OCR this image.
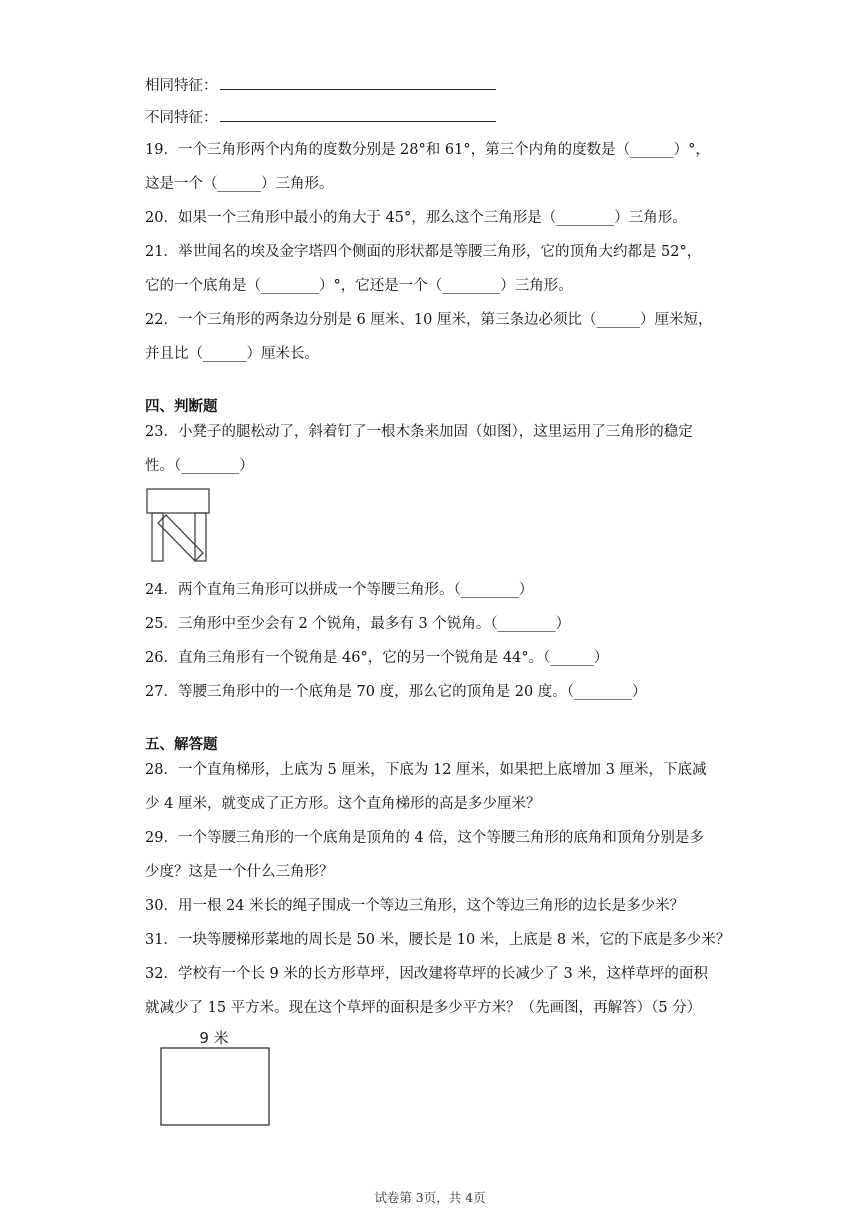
相同特征：
不同特征：
19．一个三角形两个内角的度数分别是 28°和 61°，第三个内角的度数是（______）°，
这是一个（______）三角形。
20．如果一个三角形中最小的角大于 45°，那么这个三角形是（________）三角形。
21．举世闻名的埃及金字塔四个侧面的形状都是等腰三角形，它的顶角大约都是 52°，
它的一个底角是（________）°，它还是一个（________）三角形。
22．一个三角形的两条边分别是 6 厘米、10 厘米，第三条边必须比（______）厘米短，
并且比（______）厘米长。
四、判断题
23．小凳子的腿松动了，斜着钉了一根木条来加固（如图），这里运用了三角形的稳定
性。（________）
24．两个直角三角形可以拼成一个等腰三角形。（________）
25．三角形中至少会有 2 个锐角，最多有 3 个锐角。（________）
26．直角三角形有一个锐角是 46°，它的另一个锐角是 44°。（______）
27．等腰三角形中的一个底角是 70 度，那么它的顶角是 20 度。（________）
五、解答题
28．一个直角梯形，上底为 5 厘米，下底为 12 厘米，如果把上底增加 3 厘米，下底减
少 4 厘米，就变成了正方形。这个直角梯形的高是多少厘米？
29．一个等腰三角形的一个底角是顶角的 4 倍，这个等腰三角形的底角和顶角分别是多
少度？这是一个什么三角形？
30．用一根 24 米长的绳子围成一个等边三角形，这个等边三角形的边长是多少米？
31．一块等腰梯形菜地的周长是 50 米，腰长是 10 米，上底是 8 米，它的下底是多少米？
32．学校有一个长 9 米的长方形草坪，因改建将草坪的长减少了 3 米，这样草坪的面积
就减少了 15 平方米。现在这个草坪的面积是多少平方米？（先画图，再解答）（5 分）
9 米
试卷第 3页，共 4页
